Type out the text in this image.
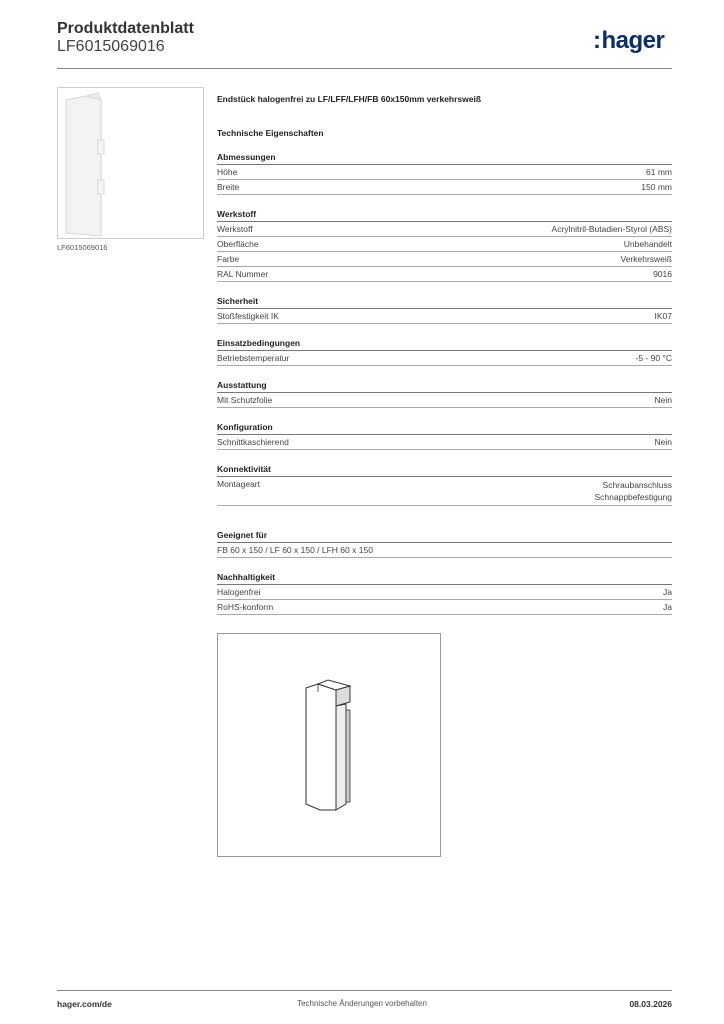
Produktdatenblatt
LF6015069016	:hager
LF6015069016
Endstück halogenfrei zu LF/LFF/LFH/FB 60x150mm verkehrsweiß
Technische Eigenschaften
Abmessungen
Höhe	61 mm
Breite	150 mm
Werkstoff
Werkstoff	Acrylnitril-Butadien-Styrol (ABS)
Oberfläche	Unbehandelt
Farbe	Verkehrsweiß
RAL Nummer	9016
Sicherheit
Stoßfestigkeit IK	IK07
Einsatzbedingungen
Betriebstemperatur	-5 - 90 °C
Ausstattung
Mit Schutzfolie	Nein
Konfiguration
Schnittkaschierend	Nein
Konnektivität
Montageart	Schraubanschluss
Schnappbefestigung
Geeignet für
FB 60 x 150 / LF 60 x 150 / LFH 60 x 150
Nachhaltigkeit
Halogenfrei	Ja
RoHS-konform	Ja
hager.com/de	Technische Änderungen vorbehalten	08.03.2026
